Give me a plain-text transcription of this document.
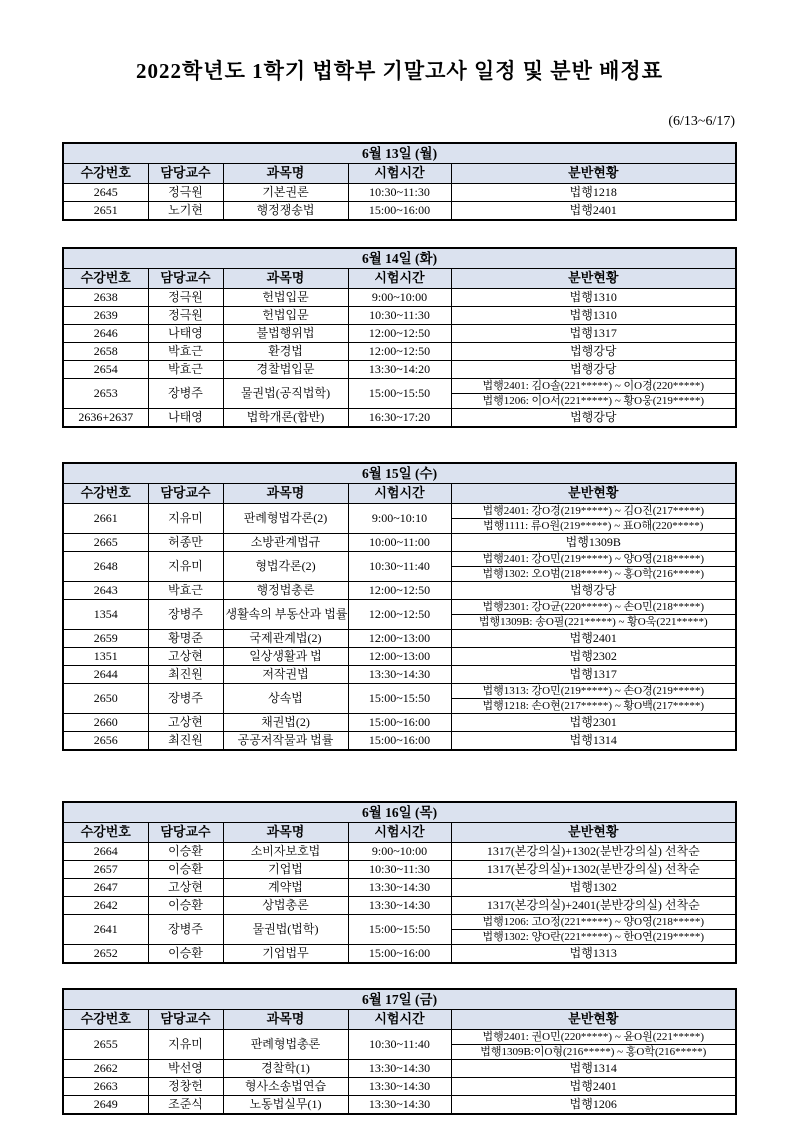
2022학년도 1학기 법학부 기말고사 일정 및 분반 배정표
(6/13~6/17)
6월 13일 (월)				
수강번호	담당교수	과목명	시험시간	분반현황
2645	정극원	기본권론	10:30~11:30	법행1218
2651	노기현	행정쟁송법	15:00~16:00	법행2401
6월 14일 (화)				
수강번호	담당교수	과목명	시험시간	분반현황
2638	정극원	헌법입문	9:00~10:00	법행1310
2639	정극원	헌법입문	10:30~11:30	법행1310
2646	나태영	불법행위법	12:00~12:50	법행1317
2658	박효근	환경법	12:00~12:50	법행강당
2654	박효근	경찰법입문	13:30~14:20	법행강당
2653	장병주	물권법(공직법학)	15:00~15:50	법행2401: 김O솔(221*****) ~ 이O경(220*****)
				법행1206: 이O서(221*****) ~ 황O웅(219*****)
2636+2637	나태영	법학개론(합반)	16:30~17:20	법행강당
6월 15일 (수)				
수강번호	담당교수	과목명	시험시간	분반현황
2661	지유미	판례형법각론(2)	9:00~10:10	법행2401: 강O경(219*****) ~ 김O진(217*****)
				법행1111: 류O원(219*****) ~ 표O해(220*****)
2665	허종만	소방관계법규	10:00~11:00	법행1309B
2648	지유미	형법각론(2)	10:30~11:40	법행2401: 강O민(219*****) ~ 양O영(218*****)
				법행1302: 오O범(218*****) ~ 홍O학(216*****)
2643	박효근	행정법총론	12:00~12:50	법행강당
1354	장병주	생활속의 부동산과 법률	12:00~12:50	법행2301: 강O균(220*****) ~ 손O민(218*****)
				법행1309B: 송O필(221*****) ~ 황O욱(221*****)
2659	황명준	국제관계법(2)	12:00~13:00	법행2401
1351	고상현	일상생활과 법	12:00~13:00	법행2302
2644	최진원	저작권법	13:30~14:30	법행1317
2650	장병주	상속법	15:00~15:50	법행1313: 강O민(219*****) ~ 손O경(219*****)
				법행1218: 손O현(217*****) ~ 황O백(217*****)
2660	고상현	채권법(2)	15:00~16:00	법행2301
2656	최진원	공공저작물과 법률	15:00~16:00	법행1314
6월 16일 (목)				
수강번호	담당교수	과목명	시험시간	분반현황
2664	이승환	소비자보호법	9:00~10:00	1317(본강의실)+1302(분반강의실) 선착순
2657	이승환	기업법	10:30~11:30	1317(본강의실)+1302(분반강의실) 선착순
2647	고상현	계약법	13:30~14:30	법행1302
2642	이승환	상법총론	13:30~14:30	1317(본강의실)+2401(분반강의실) 선착순
2641	장병주	물권법(법학)	15:00~15:50	법행1206: 고O정(221*****) ~ 양O영(218*****)
				법행1302: 양O란(221*****) ~ 한O연(219*****)
2652	이승환	기업법무	15:00~16:00	법행1313
6월 17일 (금)				
수강번호	담당교수	과목명	시험시간	분반현황
2655	지유미	판례형법총론	10:30~11:40	법행2401: 권O민(220*****) ~ 윤O원(221*****)
				법행1309B:이O형(216*****) ~ 홍O학(216*****)
2662	박선영	경찰학(1)	13:30~14:30	법행1314
2663	정창헌	형사소송법연습	13:30~14:30	법행2401
2649	조준식	노동법실무(1)	13:30~14:30	법행1206
